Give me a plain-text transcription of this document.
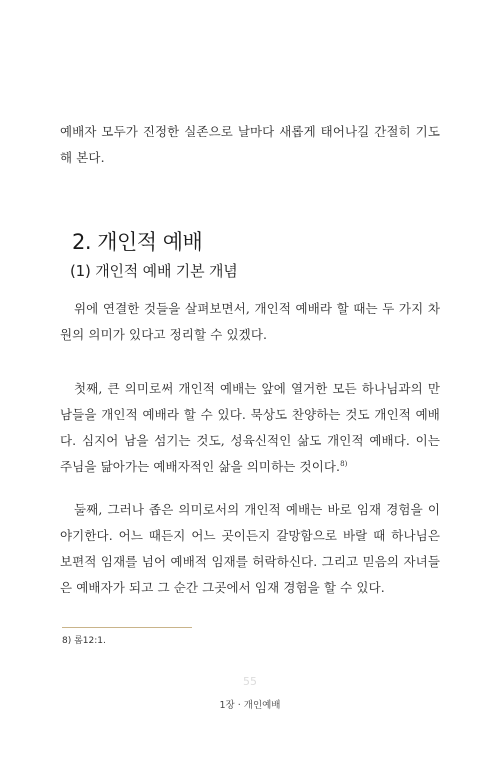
예배자 모두가 진정한 실존으로 날마다 새롭게 태어나길 간절히 기도해 본다.
2. 개인적 예배
(1) 개인적 예배 기본 개념
위에 연결한 것들을 살펴보면서, 개인적 예배라 할 때는 두 가지 차원의 의미가 있다고 정리할 수 있겠다.
첫째, 큰 의미로써 개인적 예배는 앞에 열거한 모든 하나님과의 만남들을 개인적 예배라 할 수 있다. 묵상도 찬양하는 것도 개인적 예배다. 심지어 남을 섬기는 것도, 성육신적인 삶도 개인적 예배다. 이는 주님을 닮아가는 예배자적인 삶을 의미하는 것이다.$^{8)}$
둘째, 그러나 좁은 의미로서의 개인적 예배는 바로 임재 경험을 이야기한다. 어느 때든지 어느 곳이든지 갈망함으로 바랄 때 하나님은 보편적 임재를 넘어 예배적 임재를 허락하신다. 그리고 믿음의 자녀들은 예배자가 되고 그 순간 그곳에서 임재 경험을 할 수 있다.
8) 롬12:1.
55
1장 · 개인예배
